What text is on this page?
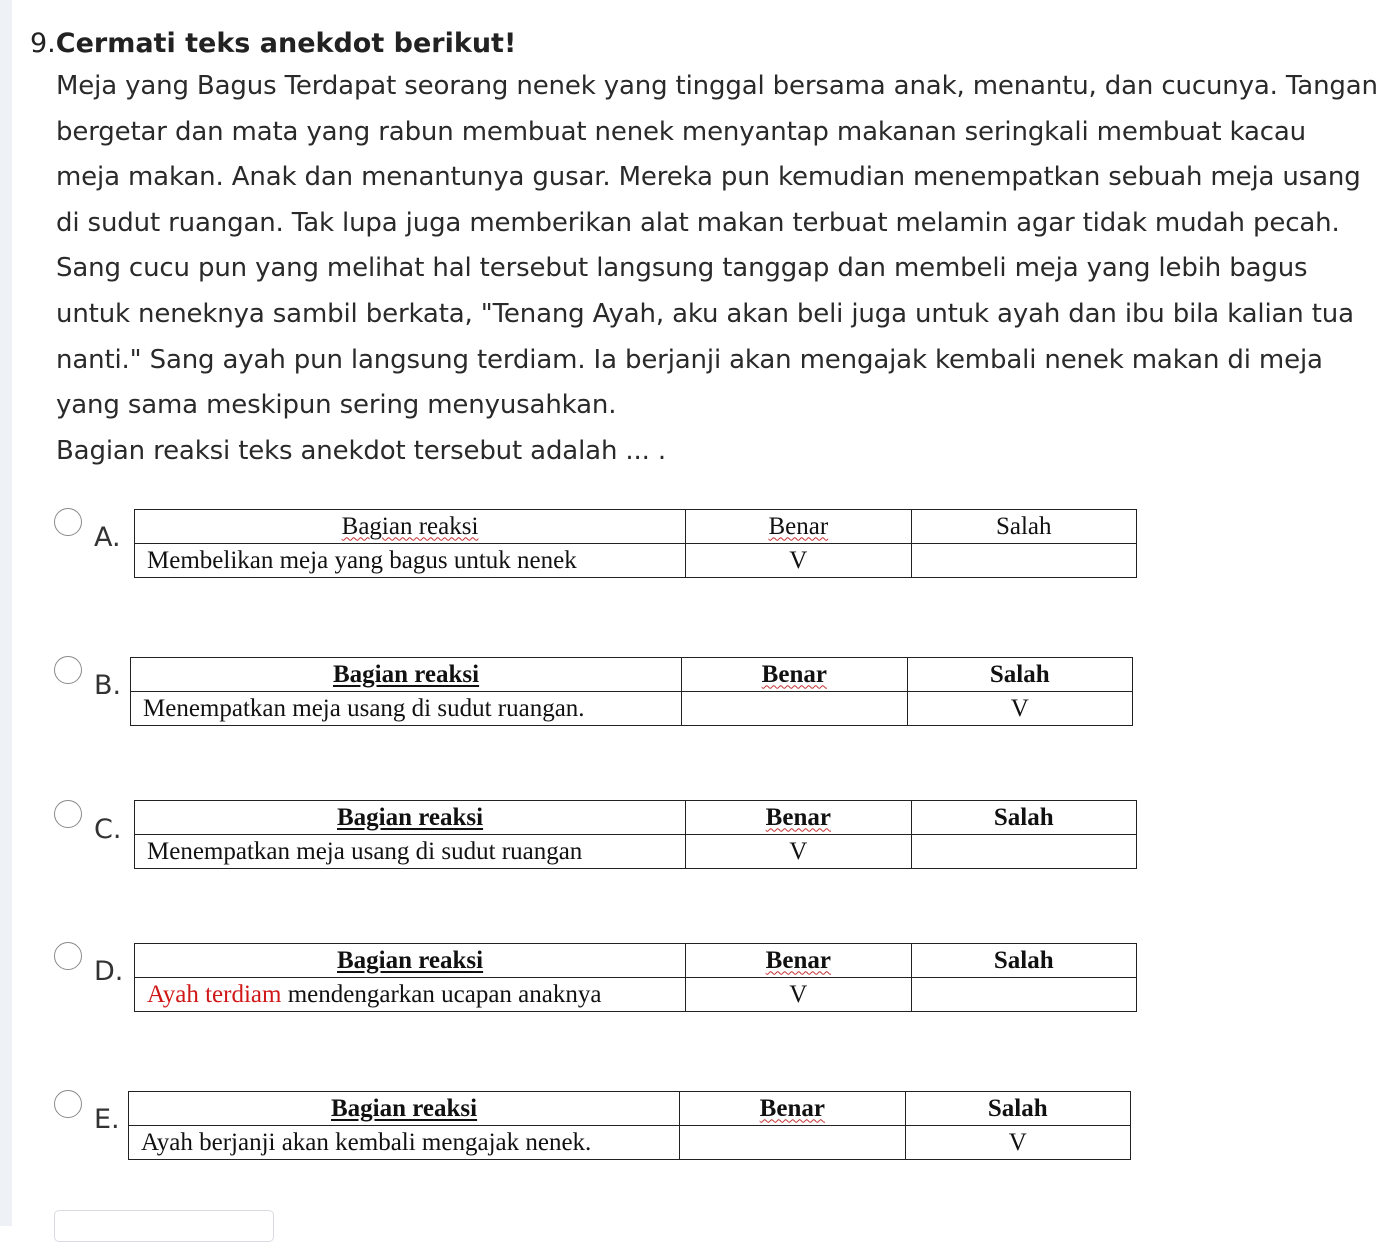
9. Cermati teks anekdot berikut!

Meja yang Bagus Terdapat seorang nenek yang tinggal bersama anak, menantu, dan cucunya. Tangan

bergetar dan mata yang rabun membuat nenek menyantap makanan seringkali membuat kacau

meja makan. Anak dan menantunya gusar. Mereka pun kemudian menempatkan sebuah meja usang

di sudut ruangan. Tak lupa juga memberikan alat makan terbuat melamin agar tidak mudah pecah.

Sang cucu pun yang melihat hal tersebut langsung tanggap dan membeli meja yang lebih bagus

untuk neneknya sambil berkata, "Tenang Ayah, aku akan beli juga untuk ayah dan ibu bila kalian tua

nanti." Sang ayah pun langsung terdiam. Ia berjanji akan mengajak kembali nenek makan di meja

yang sama meskipun sering menyusahkan.

Bagian reaksi teks anekdot tersebut adalah ... .

A.	Bagian reaksi	Benar	Salah
Membelikan meja yang bagus untuk nenek	V	
B.	Bagian reaksi	Benar	Salah
Menempatkan meja usang di sudut ruangan.		V
C.	Bagian reaksi	Benar	Salah
Menempatkan meja usang di sudut ruangan	V	
D.	Bagian reaksi	Benar	Salah
Ayah terdiam mendengarkan ucapan anaknya	V	
E.	Bagian reaksi	Benar	Salah
Ayah berjanji akan kembali mengajak nenek.		V
